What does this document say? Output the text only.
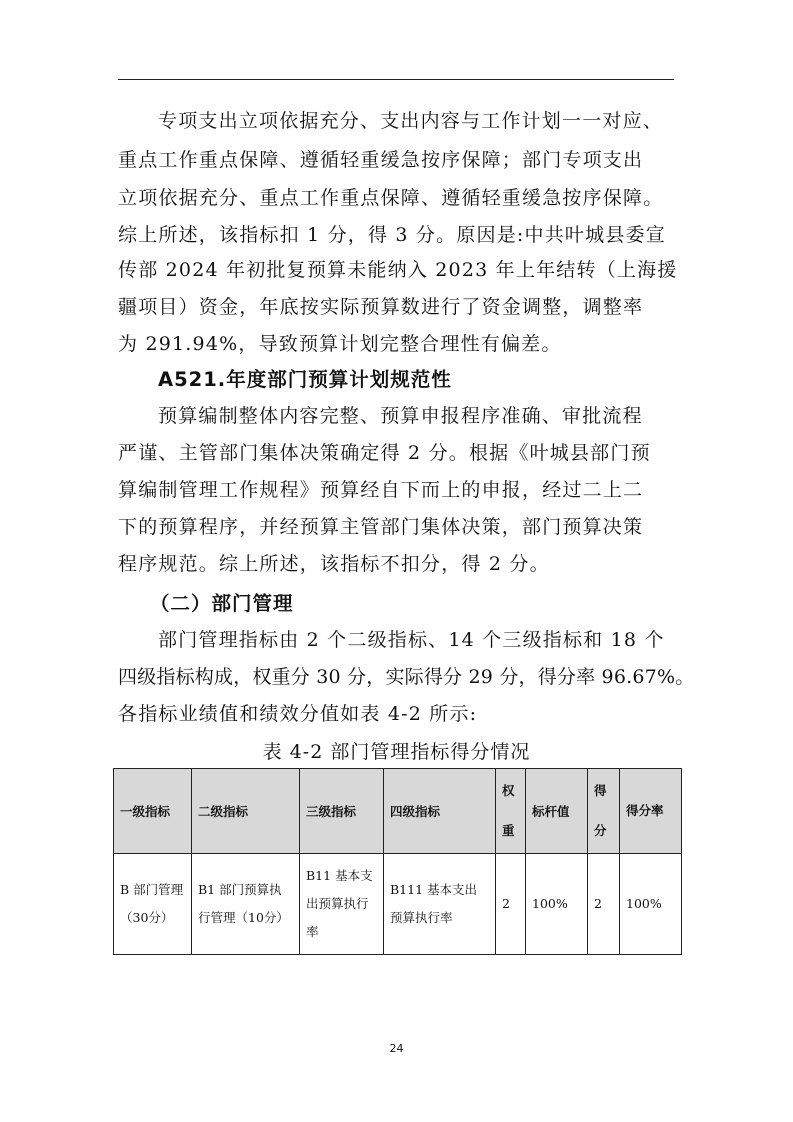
专项支出立项依据充分、支出内容与工作计划一一对应、
重点工作重点保障、遵循轻重缓急按序保障；部门专项支出
立项依据充分、重点工作重点保障、遵循轻重缓急按序保障。
综上所述，该指标扣 1 分，得 3 分。原因是:中共叶城县委宣
传部 2024 年初批复预算未能纳入 2023 年上年结转（上海援
疆项目）资金，年底按实际预算数进行了资金调整，调整率
为 291.94%，导致预算计划完整合理性有偏差。
A521.年度部门预算计划规范性
预算编制整体内容完整、预算申报程序准确、审批流程
严谨、主管部门集体决策确定得 2 分。根据《叶城县部门预
算编制管理工作规程》预算经自下而上的申报，经过二上二
下的预算程序，并经预算主管部门集体决策，部门预算决策
程序规范。综上所述，该指标不扣分，得 2 分。
（二）部门管理
部门管理指标由 2 个二级指标、14 个三级指标和 18 个
四级指标构成，权重分 30 分，实际得分 29 分，得分率 96.67%。
各指标业绩值和绩效分值如表 4-2 所示:
表 4-2 部门管理指标得分情况
一级指标	二级指标	三级指标	四级指标	权重	标杆值	得分	得分率
B 部门管理（30分）	B1 部门预算执行管理（10分）	B11 基本支出预算执行率	B111 基本支出预算执行率	2	100%	2	100%
24
